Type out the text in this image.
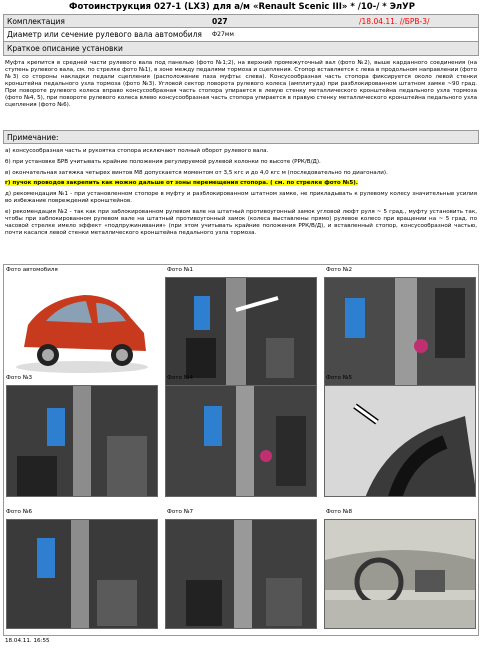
Фотоинструкция 027-1 (LX3) для а/м «Renault Scenic III» * /10-/ * ЭлУР
Комплектация	027	/18.04.11. //БРВ-3/
Диаметр или сечение рулевого вала автомобиля Ф27мм
Краткое описание установки
Муфта крепится в средней части рулевого вала под панелью (фото №1;2), на верхний промежуточный вал (фото №2), выше карданного соединения (на ступень рулевого вала, см. по стрелке фото №1), в зоне между педалями тормоза и сцепления. Стопор вставляется с лева в продольном направлении (фото №3) со стороны накладки педали сцепления (расположение паза муфты: слева). Консусообразная часть стопора фиксируется около левой стенки кронштейна педального узла тормоза (фото №3). Угловой сектор поворота рулевого колеса (амплитуда) при разблокированном штатном замке ~90 град. При повороте рулевого колеса вправо консусообразная часть стопора упирается в левую стенку металлического кронштейна педального узла тормоза (фото №4, 5), при повороте рулевого колеса влево консусообразная часть стопора упирается в правую стенку металлического кронштейна педального узла сцепления (фото №6).
Примечание:
а) консусообразная часть и рукоятка стопора исключают полный оборот рулевого вала.
б) при установке БРВ учитывать крайние положения регулируемой рулевой колонки по высоте (РРК/В/Д).
в) окончательная затяжка четырех винтов М8 допускается моментом от 3,5 кгс и до 4,0 кгс м (последовательно по диагонали).
г) пучок проводов закрепить как можно дальше от зоны перемещения стопора. ( см. по стрелке фото №5).
д) рекомендация №1 - при установленном стопоре в муфту и разблокированном штатном замке, не прикладывать к рулевому колесу значительные усилия во избежание повреждений кронштейнов.
е) рекомендация №2 - так как при заблокированном рулевом вале на штатный противоугонный замок угловой люфт руля ~ 5 град., муфту установить так, чтобы при заблокированном рулевом вале на штатный противоугонный замок (колеса выставлены прямо) рулевое колесо при вращении на ~ 5 град. по часовой стрелке имело эффект «подпружинивания» (при этом учитывать крайние положения РРК/В/Д), и вставленный стопор, консусообразной частью, почти касался левой стенки металлического кронштейна педального узла тормоза.
Фото автомобиля	Фото №1	Фото №2
Фото №3	Фото №4	Фото №5
Фото №6	Фото №7	Фото №8
18.04.11. 16:55
